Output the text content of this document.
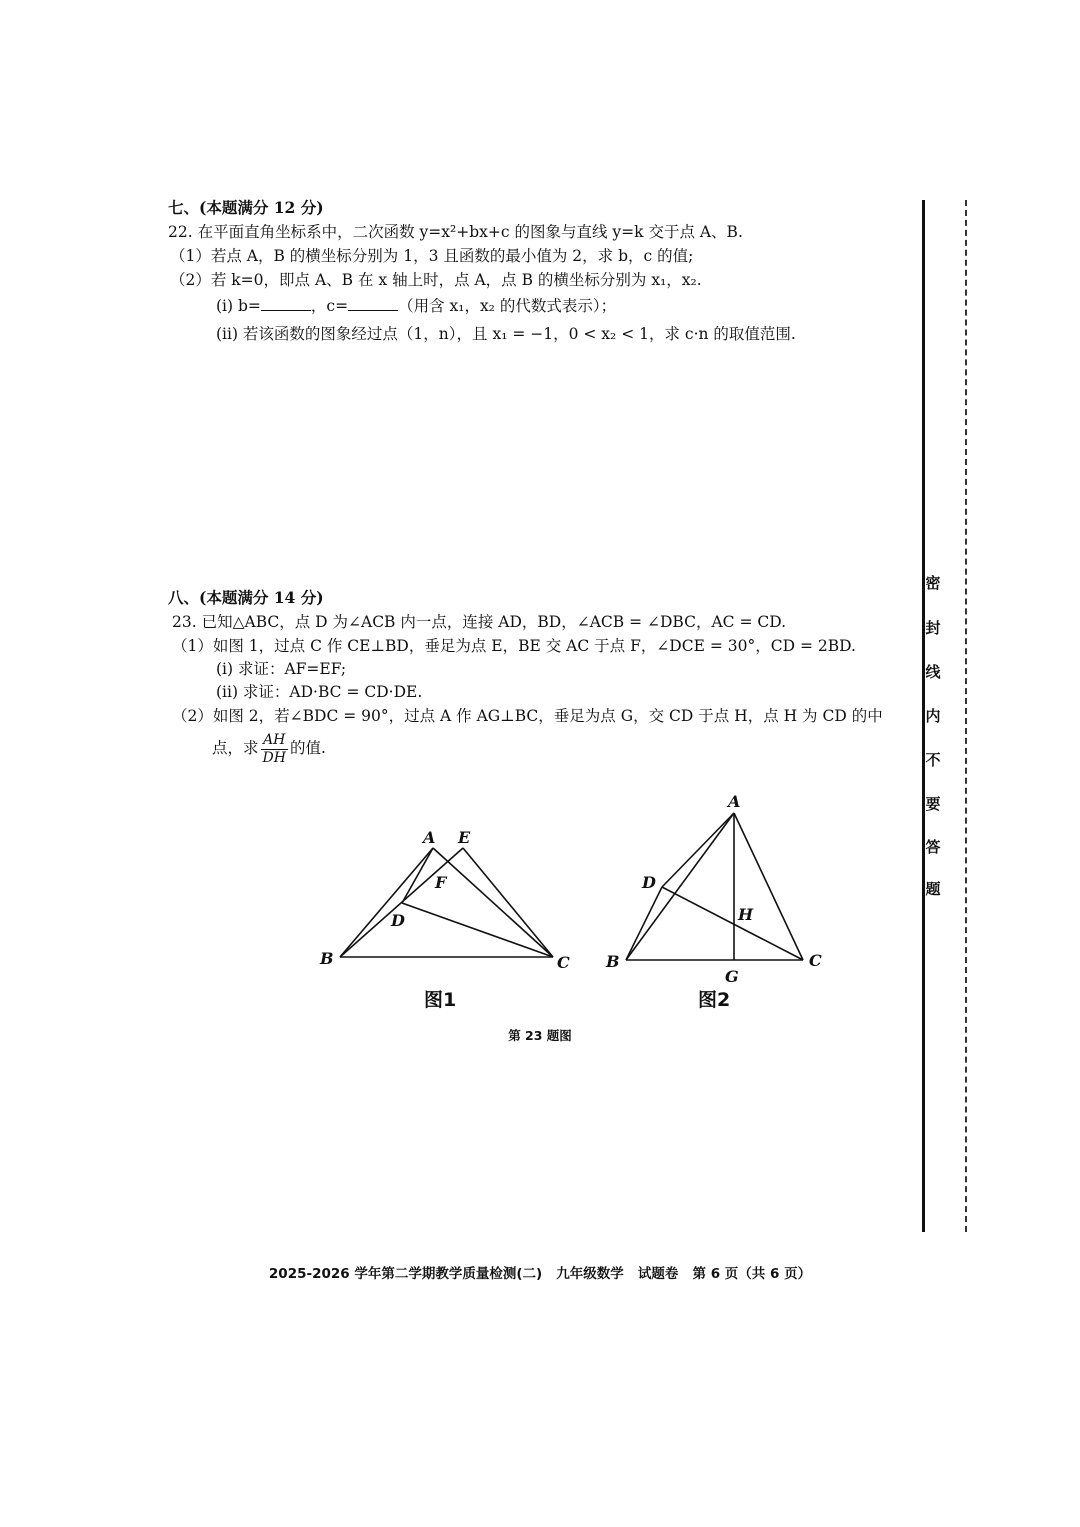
七、(本题满分 12 分)
22. 在平面直角坐标系中，二次函数 y=x²+bx+c 的图象与直线 y=k 交于点 A、B.
（1）若点 A，B 的横坐标分别为 1，3 且函数的最小值为 2，求 b，c 的值;
（2）若 k=0，即点 A、B 在 x 轴上时，点 A，点 B 的横坐标分别为 x₁，x₂.
(i) b=	，c=	（用含 x₁，x₂ 的代数式表示）；
(ii) 若该函数的图象经过点（1，n），且 x₁ = −1，0 < x₂ < 1，求 c·n 的取值范围.
八、(本题满分 14 分)
23. 已知△ABC，点 D 为∠ACB 内一点，连接 AD，BD，∠ACB = ∠DBC，AC = CD.
（1）如图 1，过点 C 作 CE⊥BD，垂足为点 E，BE 交 AC 于点 F，∠DCE = 30°，CD = 2BD.
(i) 求证：AF=EF;
(ii) 求证：AD·BC = CD·DE.
（2）如图 2，若∠BDC = 90°，过点 A 作 AG⊥BC，垂足为点 G，交 CD 于点 H，点 H 为 CD 的中
点，求 $\frac{AH}{DH}$ 的值.
A E
F
D
B	C
图1
A
D
H
B
G
C
图2
第 23 题图
密
封
线
内
不
要
答
题
2025-2026 学年第二学期教学质量检测(二)   九年级数学   试题卷   第 6 页（共 6 页）
